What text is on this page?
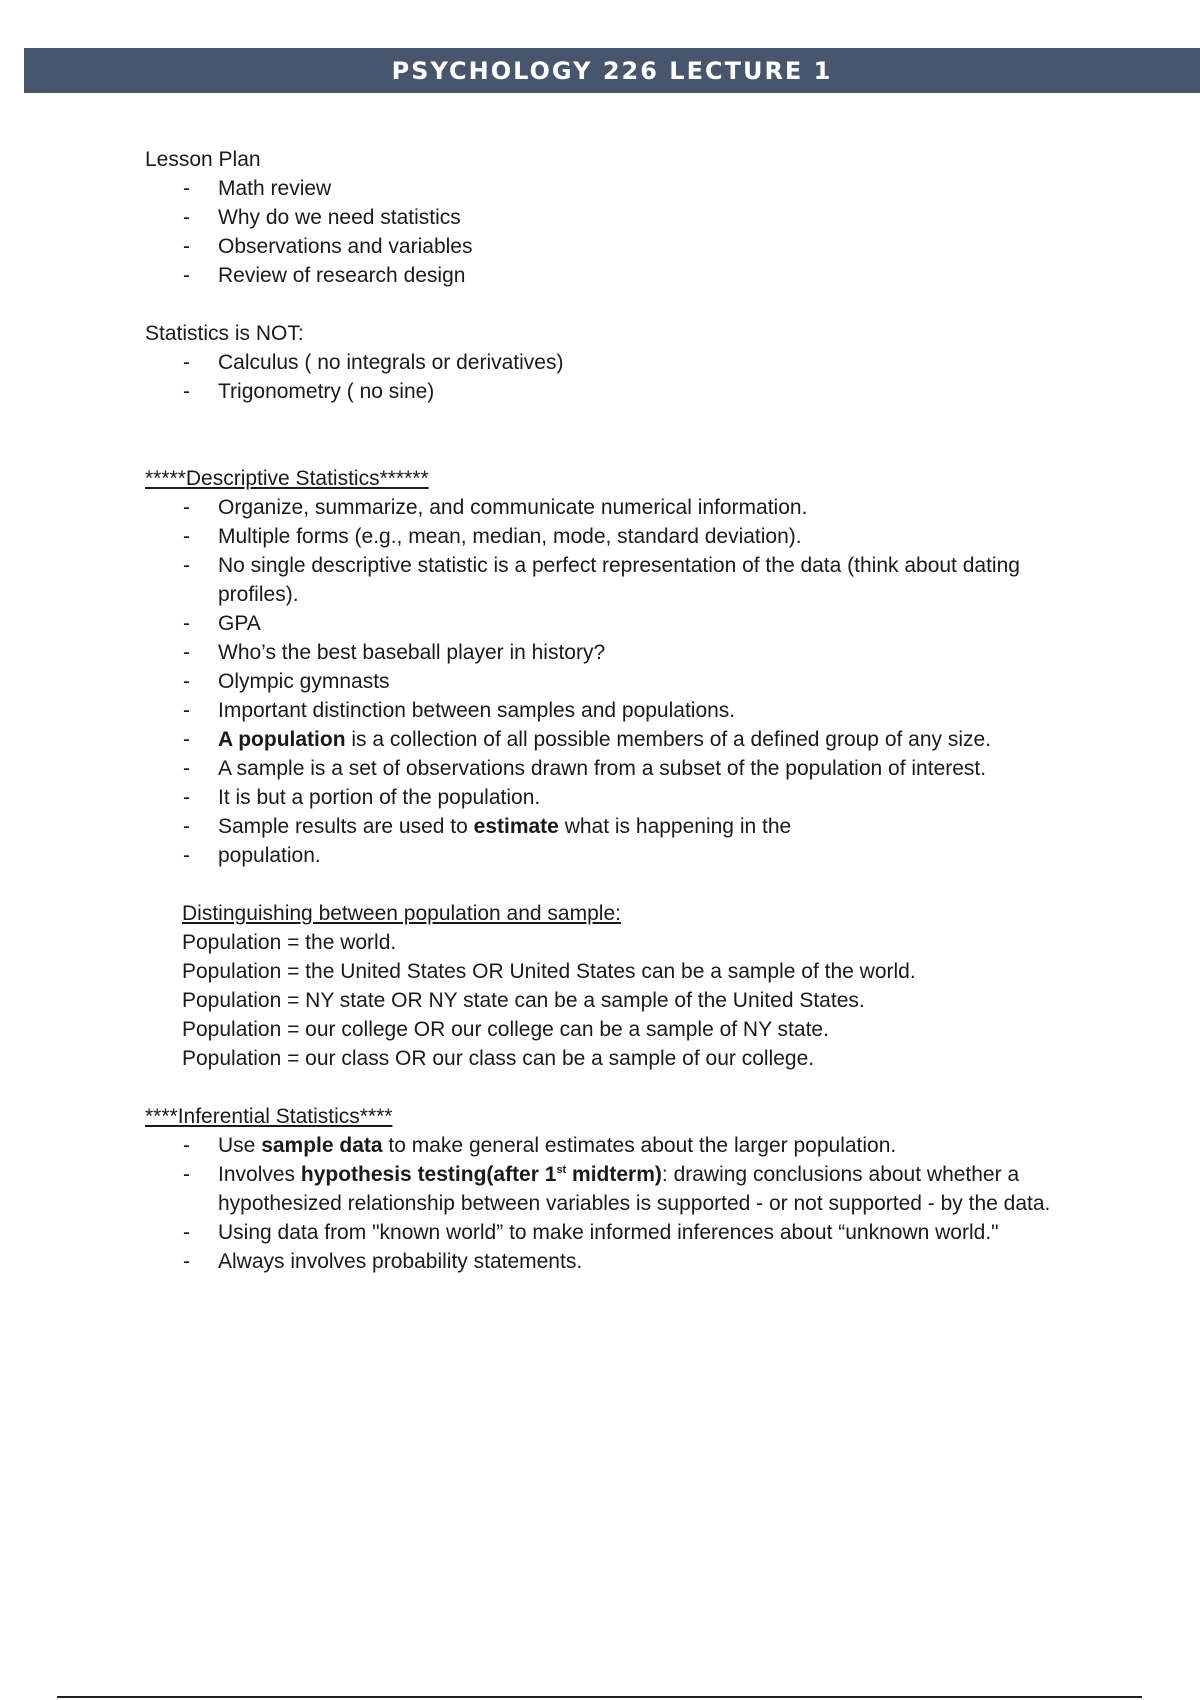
PSYCHOLOGY 226 LECTURE 1

Lesson Plan

- Math review
- Why do we need statistics
- Observations and variables
- Review of research design

Statistics is NOT:

- Calculus ( no integrals or derivatives)
- Trigonometry ( no sine)

*****Descriptive Statistics******

- Organize, summarize, and communicate numerical information.
- Multiple forms (e.g., mean, median, mode, standard deviation).
- No single descriptive statistic is a perfect representation of the data (think about dating profiles).
- GPA
- Who’s the best baseball player in history?
- Olympic gymnasts
- Important distinction between samples and populations.
- A population is a collection of all possible members of a defined group of any size.
- A sample is a set of observations drawn from a subset of the population of interest.
- It is but a portion of the population.
- Sample results are used to estimate what is happening in the
- population.

Distinguishing between population and sample:

Population = the world.
Population = the United States OR United States can be a sample of the world.
Population = NY state OR NY state can be a sample of the United States.
Population = our college OR our college can be a sample of NY state.
Population = our class OR our class can be a sample of our college.

****Inferential Statistics****

- Use sample data to make general estimates about the larger population.
- Involves hypothesis testing(after 1st midterm): drawing conclusions about whether a hypothesized relationship between variables is supported - or not supported - by the data.
- Using data from "known world” to make informed inferences about “unknown world."
- Always involves probability statements.
